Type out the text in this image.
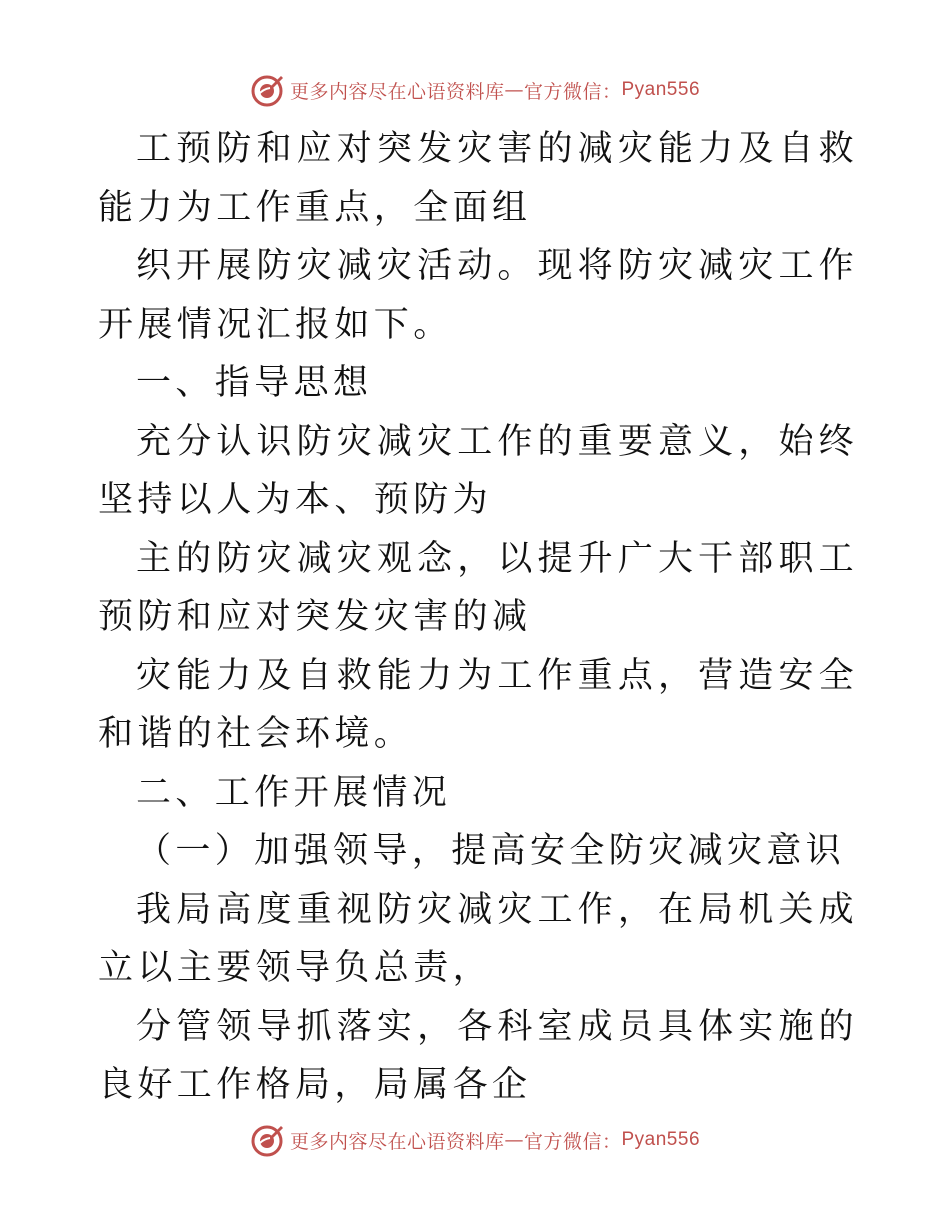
更多内容尽在心语资料库 — 官方微信： Pyan556

工预防和应对突发灾害的减灾能力及自救能力为工作重点，全面组

织开展防灾减灾活动。现将防灾减灾工作开展情况汇报如下。

一、指导思想

充分认识防灾减灾工作的重要意义，始终坚持以人为本、预防为

主的防灾减灾观念，以提升广大干部职工预防和应对突发灾害的减

灾能力及自救能力为工作重点，营造安全和谐的社会环境。

二、工作开展情况

（一）加强领导，提高安全防灾减灾意识

我局高度重视防灾减灾工作，在局机关成立以主要领导负总责，

分管领导抓落实，各科室成员具体实施的良好工作格局，局属各企

更多内容尽在心语资料库 — 官方微信： Pyan556
